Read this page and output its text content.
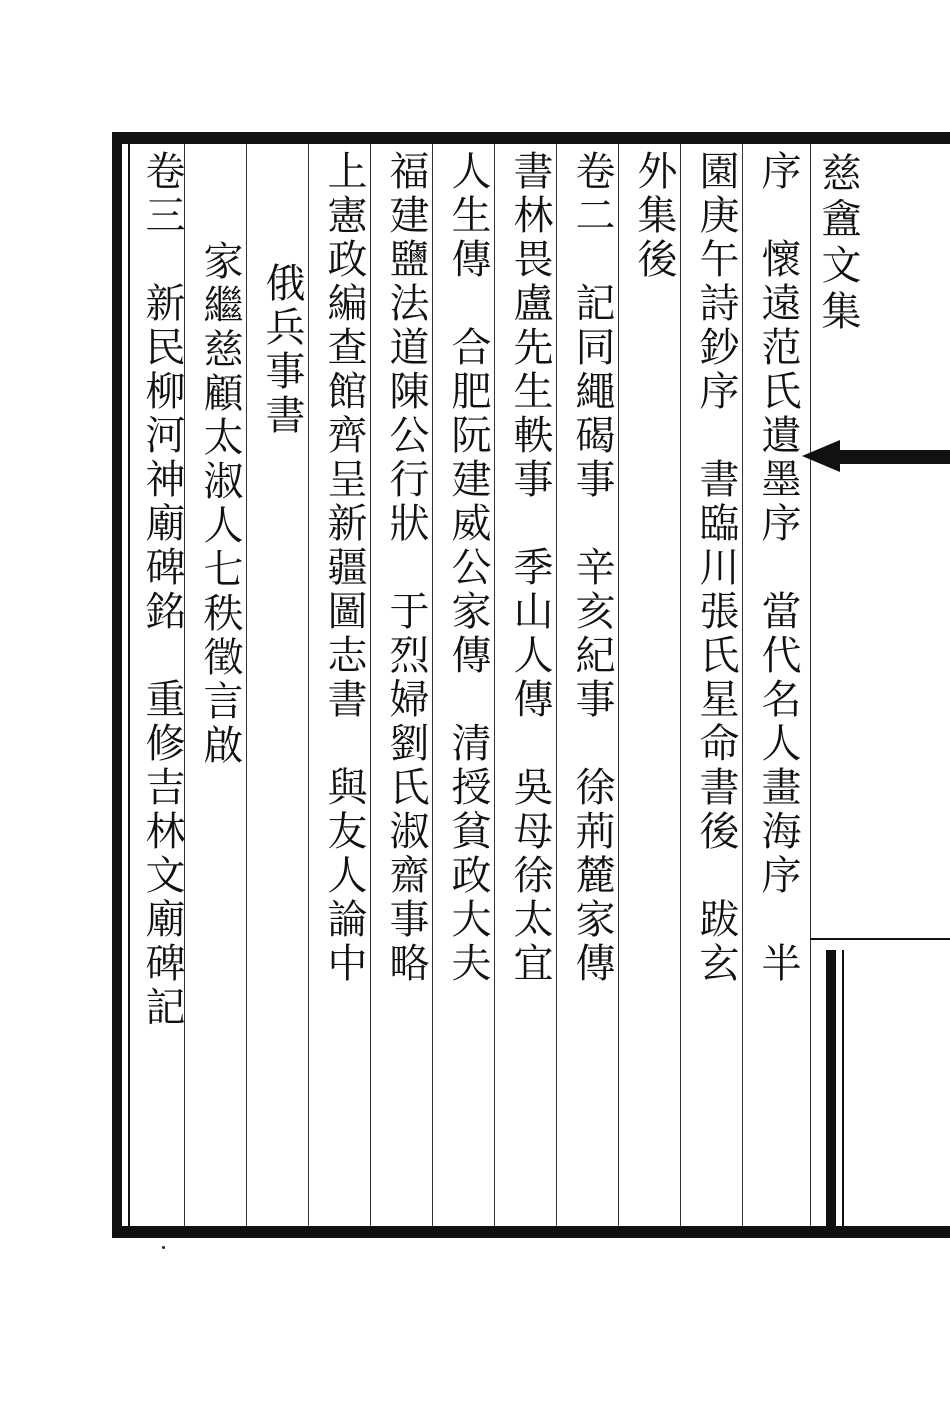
慈盦文集
序　懷遠范氏遺墨序　當代名人畫海序　半
園庚午詩鈔序　書臨川張氏星命書後　跋玄
外集後
卷二　記同繩碣事　辛亥紀事　徐荊麓家傳
書林畏盧先生軼事　季山人傳　吳母徐太宜
人生傳　合肥阮建威公家傳　清授貧政大夫
福建鹽法道陳公行狀　于烈婦劉氏淑齋事略
上憲政編查館齊呈新疆圖志書　與友人論中
俄兵事書
家繼慈顧太淑人七秩徵言啟
卷三　新民柳河神廟碑銘　重修吉林文廟碑記
